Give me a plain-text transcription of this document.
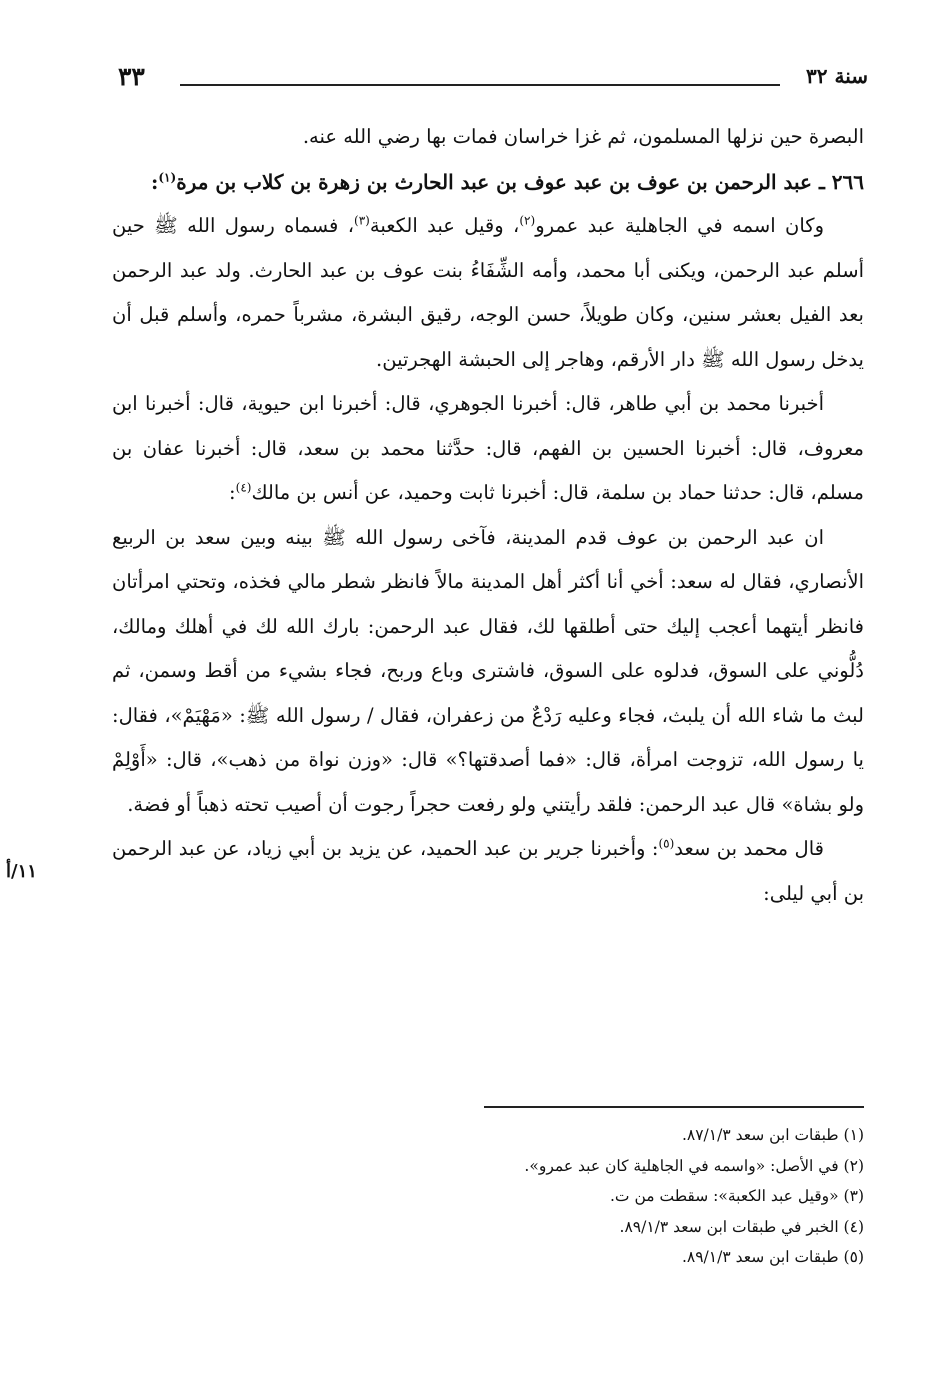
٣٣	سنة ٣٢

البصرة حين نزلها المسلمون، ثم غزا خراسان فمات بها رضي الله عنه.

٢٦٦ ـ عبد الرحمن بن عوف بن عبد عوف بن عبد الحارث بن زهرة بن كلاب بن مرة$^{(١)}$:

وكان اسمه في الجاهلية عبد عمرو$^{(٢)}$، وقيل عبد الكعبة$^{(٣)}$، فسماه رسول الله ﷺ حين أسلم عبد الرحمن، ويكنى أبا محمد، وأمه الشِّفَاءُ بنت عوف بن عبد الحارث. ولد عبد الرحمن بعد الفيل بعشر سنين، وكان طويلاً، حسن الوجه، رقيق البشرة، مشرباً حمره، وأسلم قبل أن يدخل رسول الله ﷺ دار الأرقم، وهاجر إلى الحبشة الهجرتين.

أخبرنا محمد بن أبي طاهر، قال: أخبرنا الجوهري، قال: أخبرنا ابن حيوية، قال: أخبرنا ابن معروف، قال: أخبرنا الحسين بن الفهم، قال: حدَّثنا محمد بن سعد، قال: أخبرنا عفان بن مسلم، قال: حدثنا حماد بن سلمة، قال: أخبرنا ثابت وحميد، عن أنس بن مالك$^{(٤)}$:

ان عبد الرحمن بن عوف قدم المدينة، فآخى رسول الله ﷺ بينه وبين سعد بن الربيع الأنصاري، فقال له سعد: أخي أنا أكثر أهل المدينة مالاً فانظر شطر مالي فخذه، وتحتي امرأتان فانظر أيتهما أعجب إليك حتى أطلقها لك، فقال عبد الرحمن: بارك الله لك في أهلك ومالك، دُلُّوني على السوق، فدلوه على السوق، فاشترى وباع وربح، فجاء بشيء من أقط وسمن، ثم لبث ما شاء الله أن يلبث، فجاء وعليه رَدْعٌ من زعفران، فقال / رسول الله ﷺ: «مَهْيَمْ»، فقال: يا رسول الله، تزوجت امرأة، قال: «فما أصدقتها؟» قال: «وزن نواة من ذهب»، قال: «أَوْلِمْ ولو بشاة» قال عبد الرحمن: فلقد رأيتني ولو رفعت حجراً رجوت أن أصيب تحته ذهباً أو فضة.

قال محمد بن سعد$^{(٥)}$: وأخبرنا جرير بن عبد الحميد، عن يزيد بن أبي زياد، عن عبد الرحمن بن أبي ليلى:

١١/أ
(١) طبقات ابن سعد ٨٧/١/٣.
(٢) في الأصل: «واسمه في الجاهلية كان عبد عمرو».
(٣) «وقيل عبد الكعبة»: سقطت من ت.
(٤) الخبر في طبقات ابن سعد ٨٩/١/٣.
(٥) طبقات ابن سعد ٨٩/١/٣.
